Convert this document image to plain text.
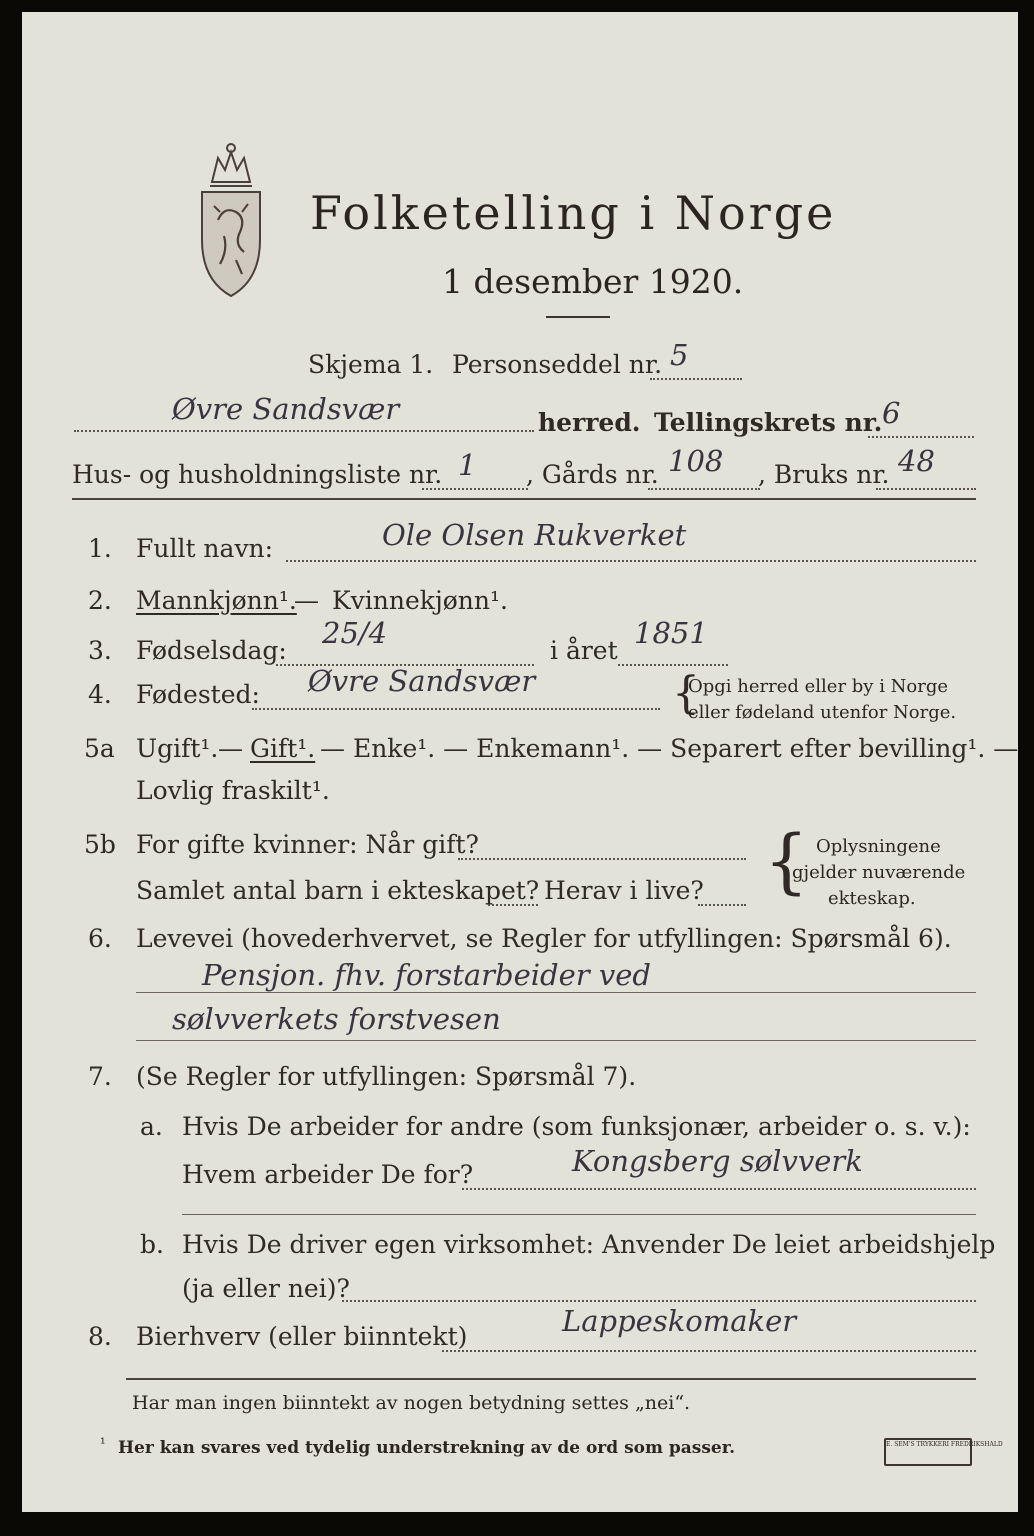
Folketelling i Norge
1 desember 1920.
Skjema 1. Personseddel nr. 5
Øvre Sandsvær	herred. Tellingskrets nr. 6
Hus- og husholdningsliste nr. 1 , Gårds nr. 108 , Bruks nr. 48
1. Fullt navn:	Ole Olsen Rukverket
2. Mannkjønn¹.
— Kvinnekjønn¹.
3. Fødselsdag:
25/4
i året
1851
4. Fødested: Øvre Sandsvær	{
Opgi herred eller by i Norge
eller fødeland utenfor Norge.
5a Ugift¹. — Gift¹. — Enke¹. — Enkemann¹. — Separert efter bevilling¹. —
Lovlig fraskilt¹.
5b For gifte kvinner: Når gift?
Samlet antal barn i ekteskapet? Herav i live? { Oplysningene
gjelder nuværende
ekteskap.
6. Levevei (hovederhvervet, se Regler for utfyllingen: Spørsmål 6).
Pensjon. fhv. forstarbeider ved
sølvverkets forstvesen
7. (Se Regler for utfyllingen: Spørsmål 7).
a. Hvis De arbeider for andre (som funksjonær, arbeider o. s. v.):
Hvem arbeider De for?	Kongsberg sølvverk
b. Hvis De driver egen virksomhet: Anvender De leiet arbeidshjelp
(ja eller nei)?
8. Bierhverv (eller biinntekt)	Lappeskomaker
Har man ingen biinntekt av nogen betydning settes „nei“.
¹ Her kan svares ved tydelig understrekning av de ord som passer.	E. SEM'S TRYKKERI FREDRIKSHALD
